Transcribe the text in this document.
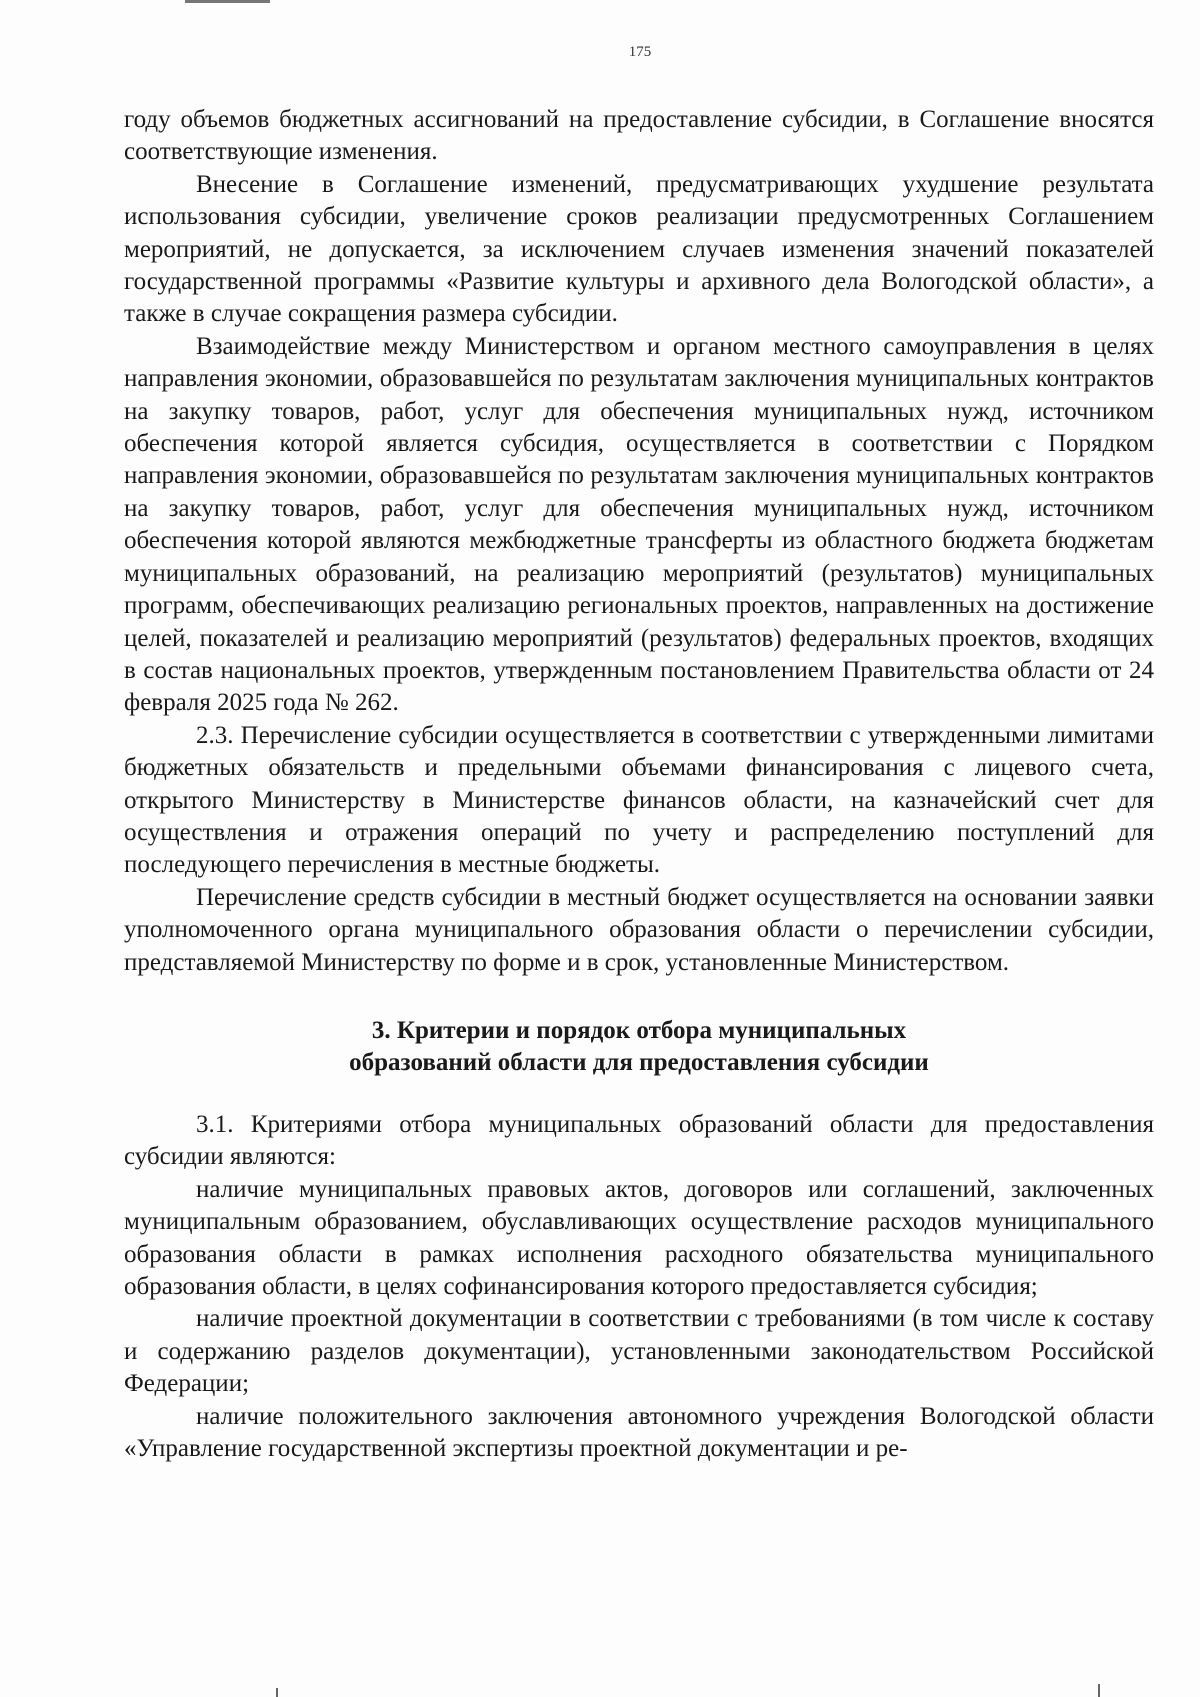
175

году объемов бюджетных ассигнований на предоставление субсидии, в Соглашение вносятся соответствующие изменения.

Внесение в Соглашение изменений, предусматривающих ухудшение результата использования субсидии, увеличение сроков реализации предусмотренных Соглашением мероприятий, не допускается, за исключением случаев изменения значений показателей государственной программы «Развитие культуры и архивного дела Вологодской области», а также в случае сокращения размера субсидии.

Взаимодействие между Министерством и органом местного самоуправления в целях направления экономии, образовавшейся по результатам заключения муниципальных контрактов на закупку товаров, работ, услуг для обеспечения муниципальных нужд, источником обеспечения которой является субсидия, осуществляется в соответствии с Порядком направления экономии, образовавшейся по результатам заключения муниципальных контрактов на закупку товаров, работ, услуг для обеспечения муниципальных нужд, источником обеспечения которой являются межбюджетные трансферты из областного бюджета бюджетам муниципальных образований, на реализацию мероприятий (результатов) муниципальных программ, обеспечивающих реализацию региональных проектов, направленных на достижение целей, показателей и реализацию мероприятий (результатов) федеральных проектов, входящих в состав национальных проектов, утвержденным постановлением Правительства области от 24 февраля 2025 года № 262.

2.3. Перечисление субсидии осуществляется в соответствии с утвержденными лимитами бюджетных обязательств и предельными объемами финансирования с лицевого счета, открытого Министерству в Министерстве финансов области, на казначейский счет для осуществления и отражения операций по учету и распределению поступлений для последующего перечисления в местные бюджеты.

Перечисление средств субсидии в местный бюджет осуществляется на основании заявки уполномоченного органа муниципального образования области о перечислении субсидии, представляемой Министерству по форме и в срок, установленные Министерством.

3. Критерии и порядок отбора муниципальных
образований области для предоставления субсидии

3.1. Критериями отбора муниципальных образований области для предоставления субсидии являются:

наличие муниципальных правовых актов, договоров или соглашений, заключенных муниципальным образованием, обуславливающих осуществление расходов муниципального образования области в рамках исполнения расходного обязательства муниципального образования области, в целях софинансирования которого предоставляется субсидия;

наличие проектной документации в соответствии с требованиями (в том числе к составу и содержанию разделов документации), установленными законодательством Российской Федерации;

наличие положительного заключения автономного учреждения Вологодской области «Управление государственной экспертизы проектной документации и ре-
